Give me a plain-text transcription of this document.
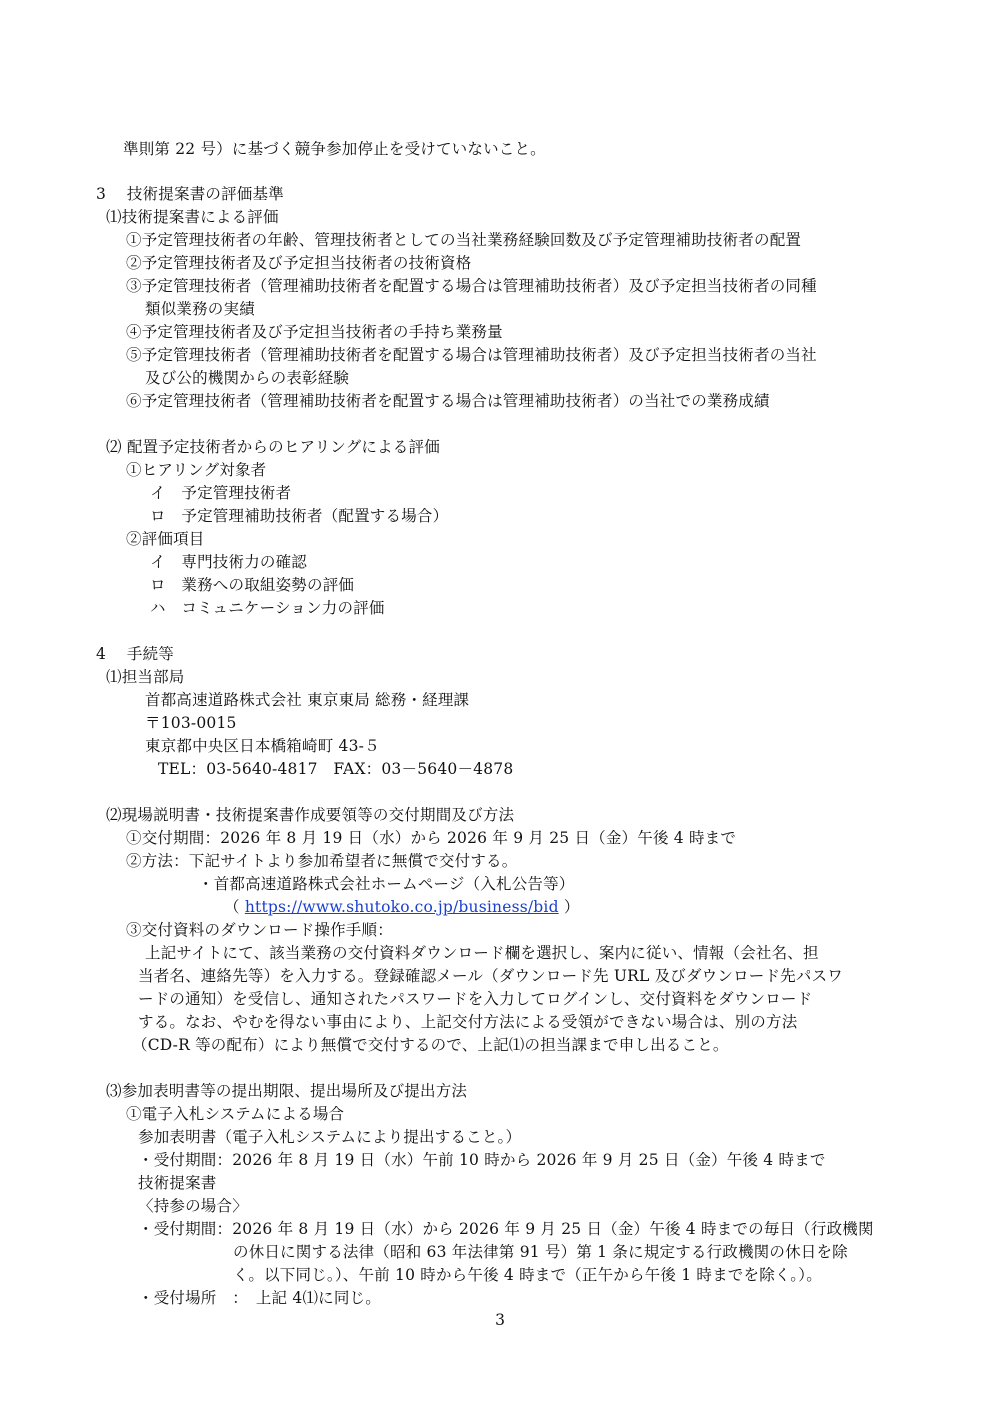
準則第 22 号）に基づく競争参加停止を受けていないこと。
3　 技術提案書の評価基準
⑴技術提案書による評価
①予定管理技術者の年齢、管理技術者としての当社業務経験回数及び予定管理補助技術者の配置
②予定管理技術者及び予定担当技術者の技術資格
③予定管理技術者（管理補助技術者を配置する場合は管理補助技術者）及び予定担当技術者の同種
類似業務の実績
④予定管理技術者及び予定担当技術者の手持ち業務量
⑤予定管理技術者（管理補助技術者を配置する場合は管理補助技術者）及び予定担当技術者の当社
及び公的機関からの表彰経験
⑥予定管理技術者（管理補助技術者を配置する場合は管理補助技術者）の当社での業務成績
⑵ 配置予定技術者からのヒアリングによる評価
①ヒアリング対象者
イ　予定管理技術者
ロ　予定管理補助技術者（配置する場合）
②評価項目
イ　専門技術力の確認
ロ　業務への取組姿勢の評価
ハ　コミュニケーション力の評価
4　 手続等
⑴担当部局
首都高速道路株式会社 東京東局 総務・経理課
〒103-0015
東京都中央区日本橋箱崎町 43-５
TEL：03-5640-4817　FAX：03－5640－4878
⑵現場説明書・技術提案書作成要領等の交付期間及び方法
①交付期間：2026 年 8 月 19 日（水）から 2026 年 9 月 25 日（金）午後 4 時まで
②方法：下記サイトより参加希望者に無償で交付する。
・首都高速道路株式会社ホームページ（入札公告等）
（ https://www.shutoko.co.jp/business/bid ）
③交付資料のダウンロード操作手順：
上記サイトにて、該当業務の交付資料ダウンロード欄を選択し、案内に従い、情報（会社名、担
当者名、連絡先等）を入力する。登録確認メール（ダウンロード先 URL 及びダウンロード先パスワ
ードの通知）を受信し、通知されたパスワードを入力してログインし、交付資料をダウンロード
する。なお、やむを得ない事由により、上記交付方法による受領ができない場合は、別の方法
（CD-R 等の配布）により無償で交付するので、上記⑴の担当課まで申し出ること。
⑶参加表明書等の提出期限、提出場所及び提出方法
①電子入札システムによる場合
参加表明書（電子入札システムにより提出すること。）
・受付期間：2026 年 8 月 19 日（水）午前 10 時から 2026 年 9 月 25 日（金）午後 4 時まで
技術提案書
〈持参の場合〉
・受付期間：2026 年 8 月 19 日（水）から 2026 年 9 月 25 日（金）午後 4 時までの毎日（行政機関
の休日に関する法律（昭和 63 年法律第 91 号）第 1 条に規定する行政機関の休日を除
く。以下同じ。）、午前 10 時から午後 4 時まで（正午から午後 1 時までを除く。）。
・受付場所　：　上記 4⑴に同じ。
3
